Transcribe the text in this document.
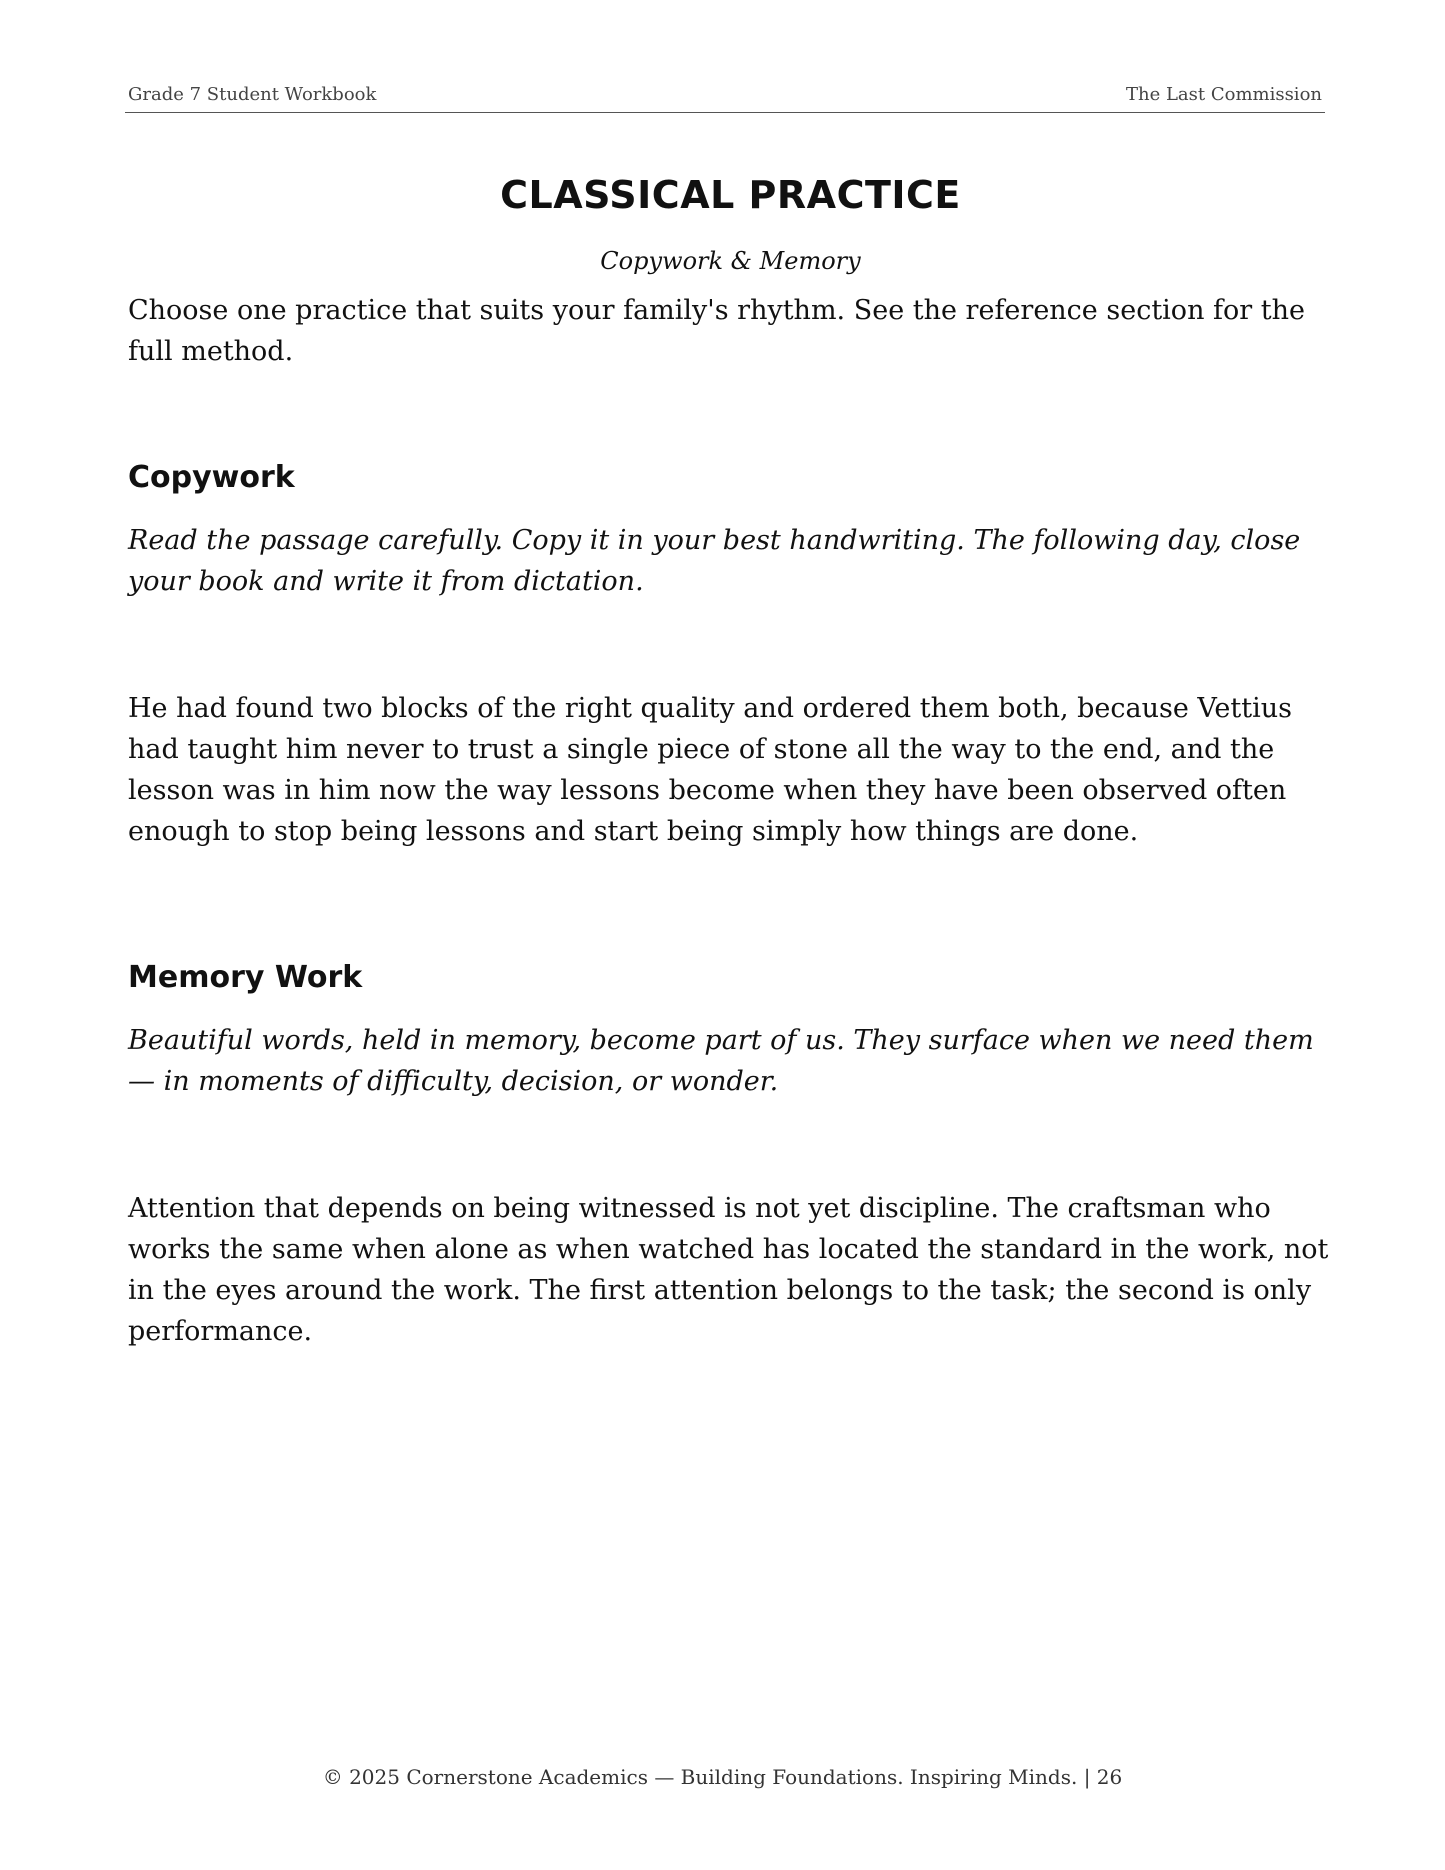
Grade 7 Student Workbook	The Last Commission
CLASSICAL PRACTICE
Copywork & Memory

Choose one practice that suits your family's rhythm. See the reference section for the full method.

Copywork

Read the passage carefully. Copy it in your best handwriting. The following day, close your book and write it from dictation.

He had found two blocks of the right quality and ordered them both, because Vettius had taught him never to trust a single piece of stone all the way to the end, and the lesson was in him now the way lessons become when they have been observed often enough to stop being lessons and start being simply how things are done.

Memory Work

Beautiful words, held in memory, become part of us. They surface when we need them — in moments of difficulty, decision, or wonder.

Attention that depends on being witnessed is not yet discipline. The craftsman who works the same when alone as when watched has located the standard in the work, not in the eyes around the work. The first attention belongs to the task; the second is only performance.

© 2025 Cornerstone Academics — Building Foundations. Inspiring Minds. | 26
